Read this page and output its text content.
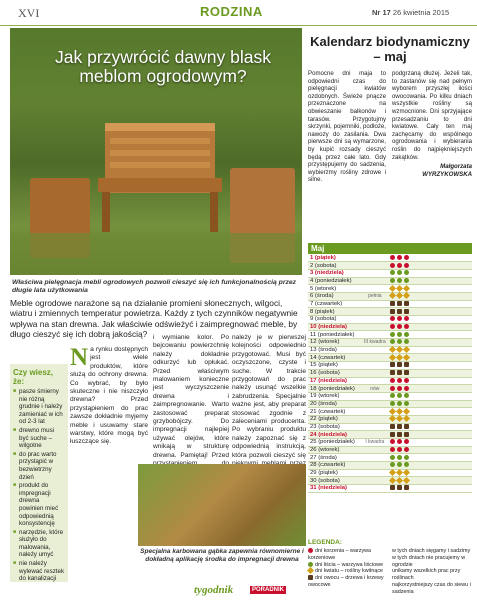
XVI	RODZINA	Nr 17 26 kwietnia 2015
Jak przywrócić dawny blask meblom ogrodowym?
Właściwa pielęgnacja mebli ogrodowych pozwoli cieszyć się ich funkcjonalnością przez długie lata użytkowania
Meble ogrodowe narażone są na działanie promieni słonecznych, wilgoci, wiatru i zmiennych temperatur powietrza. Każdy z tych czynników negatywnie wpływa na stan drewna. Jak właściwie odświeżyć i zaimpregnować meble, by długo cieszyć się ich dobrą jakością?
Na rynku dostępnych jest wiele produktów, które służą do ochrony drewna. Co wybrać, by było skuteczne i nie niszczyło drewna? Przed przystąpieniem do prac zawsze dokładnie myjemy meble i usuwamy stare warstwy, które mogą być łuszczące się.
i wymianie kolor. Po bejcowaniu powierzchnię należy dokładnie odkurzyć lub opłukać. Przed właściwym malowaniem konieczne jest wyczyszczenie drewna i zaimpregnowanie. Warto zastosować preparat grzybobójczy. Do impregnacji najlepiej używać olejów, które wnikają w strukturę drewna. Pamiętaj! Przed
należy je w pierwszej kolejności odpowiednio przygotować. Musi być oczyszczone, czyste i suche. W trakcie przygotowań do prac należy usunąć wszelkie zabrudzenia. Specjalnie ważne jest, aby preparat stosować zgodnie z zaleceniami producenta. Po wybraniu produktu należy zapoznać się z odpowiednią instrukcją, która pozwoli cieszyć się
Czy wiesz, że:
■ pasze śmierny nie różną grudnie i należy zamieniać w ich od 2-3 lat
■ drewno musi być suche – wilgotne
■ do prac warto przystąpić w bezwietrzny dzień
■ produkt do impregnacji drewna powinien mieć odpowiednią konsystencję
■ narzędzie, które służyło do malowania, należy umyć
■ nie należy wylewać resztek do kanalizacji
Specjalna karbowana gąbka zapewnia równomierne i dokładną aplikację środka do impregnacji drewna
tygodnik	PORADNIK
Kalendarz biodynamiczny – maj
Pomocne dni maja to odpowiedni czas do pielęgnacji kwiatów ozdobnych. Świeże pnącze przeznaczone na obwieszanie balkonów i tarasów. Przygotujmy skrzynki, pojemniki, podłoże, nawozy do zasilania. Dwa pierwsze dni są wymarzone, by kupić rozsady cieszyć będą przez całe lato. Gdy przystępujemy do sadzenia, wybierzmy rośliny zdrowe i silne.
podgrzaną dłużej. Jeżeli tak, to zastanów się nad pełnym wyborem przyszłej ilości owocowania. Po kilku dniach wszystkie rośliny są wzmocnione. Dni sprzyjające przesadzaniu to dni kwiatowe. Cały ten maj zachęcamy do wspólnego ogrodowania i wybierania roślin do najpiękniejszych zakątków.
Małgorzata WYRZYKOWSKA
Maj		
1 (piątek)		
2 (sobota)		
3 (niedziela)		
4 (poniedziałek)		
5 (wtorek)		
6 (środa)	pełnia	
7 (czwartek)		
8 (piątek)		
9 (sobota)		
10 (niedziela)		
11 (poniedziałek)		
12 (wtorek)	III kwadra	
13 (środa)		
14 (czwartek)		
15 (piątek)		
16 (sobota)		
17 (niedziela)		
18 (poniedziałek)	nów	
19 (wtorek)		
20 (środa)		
21 (czwartek)		
22 (piątek)		
23 (sobota)		
24 (niedziela)		
25 (poniedziałek)	I kwadra	
26 (wtorek)		
27 (środa)		
28 (czwartek)		
29 (piątek)		
30 (sobota)		
31 (niedziela)		
LEGENDA:
dni korzenia – warzywa korzeniowe
dni liścia – warzywa liściowe
dni kwiatu – rośliny kwitnące
dni owocu – drzewa i krzewy owocowe
w tych dniach sięgamy i sadzimy
w tych dniach nie pracujemy w ogrodzie
unikamy wszelkich prac przy roślinach
najkorzystniejszy czas do siewu i sadzenia
